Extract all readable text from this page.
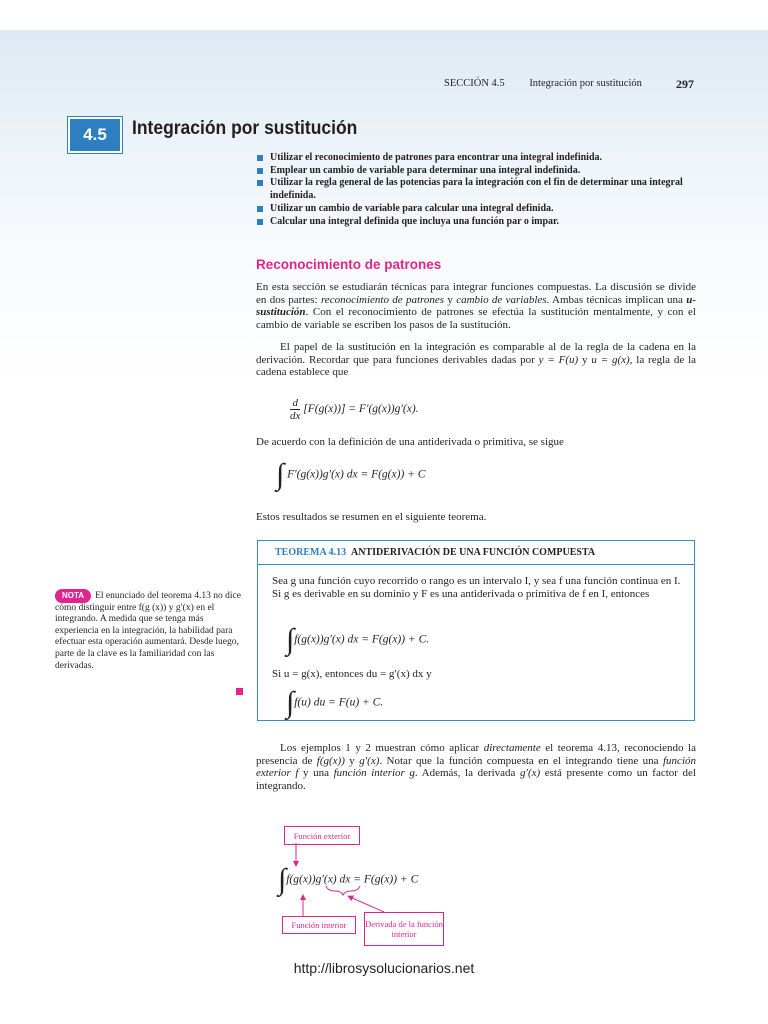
SECCIÓN 4.5 Integración por sustitución	297
4.5	Integración por sustitución
Utilizar el reconocimiento de patrones para encontrar una integral indefinida.
Emplear un cambio de variable para determinar una integral indefinida.
Utilizar la regla general de las potencias para la integración con el fin de determinar una integral indefinida.
Utilizar un cambio de variable para calcular una integral definida.
Calcular una integral definida que incluya una función par o impar.
Reconocimiento de patrones

En esta sección se estudiarán técnicas para integrar funciones compuestas. La discusión se divide en dos partes: reconocimiento de patrones y cambio de variables. Ambas técnicas implican una u-sustitución. Con el reconocimiento de patrones se efectúa la sustitución mentalmente, y con el cambio de variable se escriben los pasos de la sustitución.

El papel de la sustitución en la integración es comparable al de la regla de la cadena en la derivación. Recordar que para funciones derivables dadas por y = F(u) y u = g(x), la regla de la cadena establece que

$\frac{d}{dx} [F(g(x))] = F'(g(x))g'(x)$.

De acuerdo con la definición de una antiderivada o primitiva, se sigue

∫ F′(g(x))g′(x) dx = F(g(x)) + C

Estos resultados se resumen en el siguiente teorema.

TEOREMA 4.13 ANTIDERIVACIÓN DE UNA FUNCIÓN COMPUESTA

Sea g una función cuyo recorrido o rango es un intervalo I, y sea f una función continua en I. Si g es derivable en su dominio y F es una antiderivada o primitiva de f en I, entonces

∫f(g(x))g′(x) dx = F(g(x)) + C.

Si u = g(x), entonces du = g′(x) dx y

∫f(u) du = F(u) + C.

NOTA El enunciado del teorema 4.13 no dice cómo distinguir entre f(g (x)) y g′(x) en el integrando. A medida que se tenga más experiencia en la integración, la habilidad para efectuar esta operación aumentará. Desde luego, parte de la clave es la familiaridad con las derivadas.

Los ejemplos 1 y 2 muestran cómo aplicar directamente el teorema 4.13, reconociendo la presencia de f(g(x)) y g′(x). Notar que la función compuesta en el integrando tiene una función exterior f y una función interior g. Además, la derivada g′(x) está presente como un factor del integrando.

Función exterior
∫f(g(x))g′(x) dx = F(g(x)) + C
Función interior	Derivada de la función interior
http://librosysolucionarios.net
